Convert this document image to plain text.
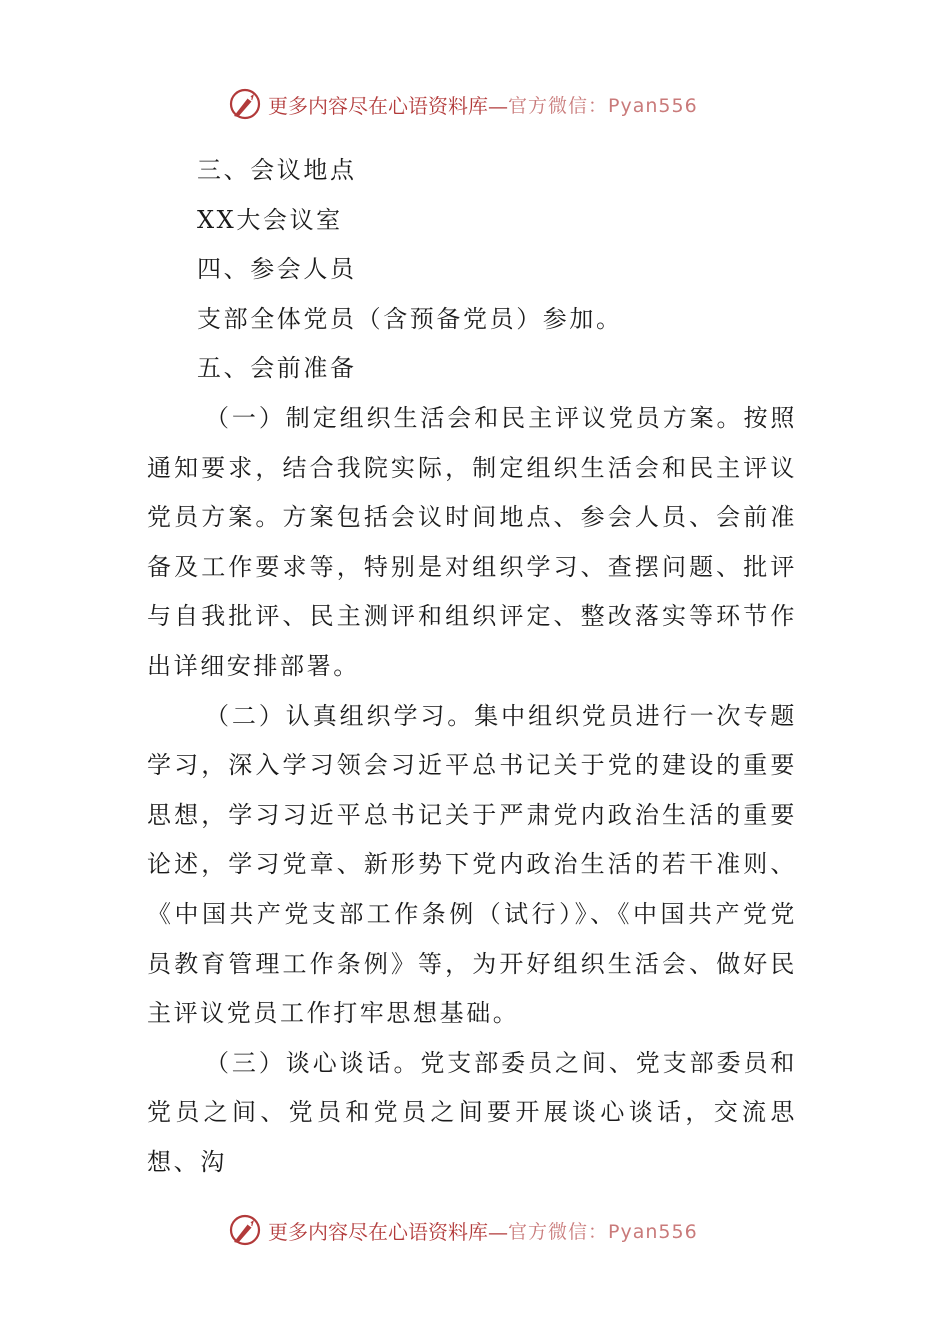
更多内容尽在心语资料库— 官方微信：Pyan556

三、会议地点

XX大会议室

四、参会人员

支部全体党员（含预备党员）参加。

五、会前准备

（一）制定组织生活会和民主评议党员方案。按照通知要求，结合我院实际，制定组织生活会和民主评议党员方案。方案包括会议时间地点、参会人员、会前准备及工作要求等，特别是对组织学习、查摆问题、批评与自我批评、民主测评和组织评定、整改落实等环节作出详细安排部署。

（二）认真组织学习。集中组织党员进行一次专题学习，深入学习领会习近平总书记关于党的建设的重要思想，学习习近平总书记关于严肃党内政治生活的重要论述，学习党章、新形势下党内政治生活的若干准则、《中国共产党支部工作条例（试行）》、《中国共产党党员教育管理工作条例》等，为开好组织生活会、做好民主评议党员工作打牢思想基础。

（三）谈心谈话。党支部委员之间、党支部委员和党员之间、党员和党员之间要开展谈心谈话，交流思想、沟

更多内容尽在心语资料库— 官方微信：Pyan556
